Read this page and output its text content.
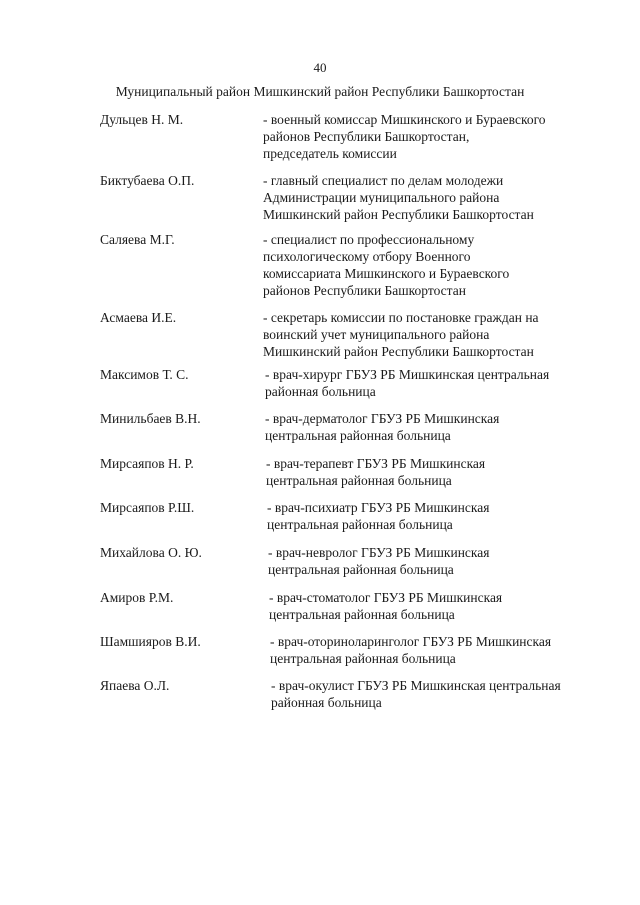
40
Муниципальный район Мишкинский район Республики Башкортостан
Дульцев Н. М. -	военный комиссар Мишкинского и Бураевского
районов Республики Башкортостан,
председатель комиссии
Биктубаева О.П. -	главный специалист по делам молодежи
Администрации муниципального района
Мишкинский район Республики Башкортостан
Саляева М.Г. -	специалист по профессиональному
психологическому отбору Военного
комиссариата Мишкинского и Бураевского
районов Республики Башкортостан
Асмаева И.Е. -	секретарь комиссии по постановке граждан на
воинский учет муниципального района
Мишкинский район Республики Башкортостан
Максимов Т. С. -	врач-хирург ГБУЗ РБ Мишкинская центральная
районная больница
Минильбаев В.Н. -	врач-дерматолог ГБУЗ РБ Мишкинская
центральная районная больница
Мирсаяпов Н. Р. -	врач-терапевт ГБУЗ РБ Мишкинская
центральная районная больница
Мирсаяпов Р.Ш. -	врач-психиатр ГБУЗ РБ Мишкинская
центральная районная больница
Михайлова О. Ю. -	врач-невролог ГБУЗ РБ Мишкинская
центральная районная больница
Амиров Р.М. -	врач-стоматолог ГБУЗ РБ Мишкинская
центральная районная больница
Шамшияров В.И. -	врач-оториноларинголог ГБУЗ РБ Мишкинская
центральная районная больница
Япаева О.Л. -	врач-окулист ГБУЗ РБ Мишкинская центральная
районная больница
